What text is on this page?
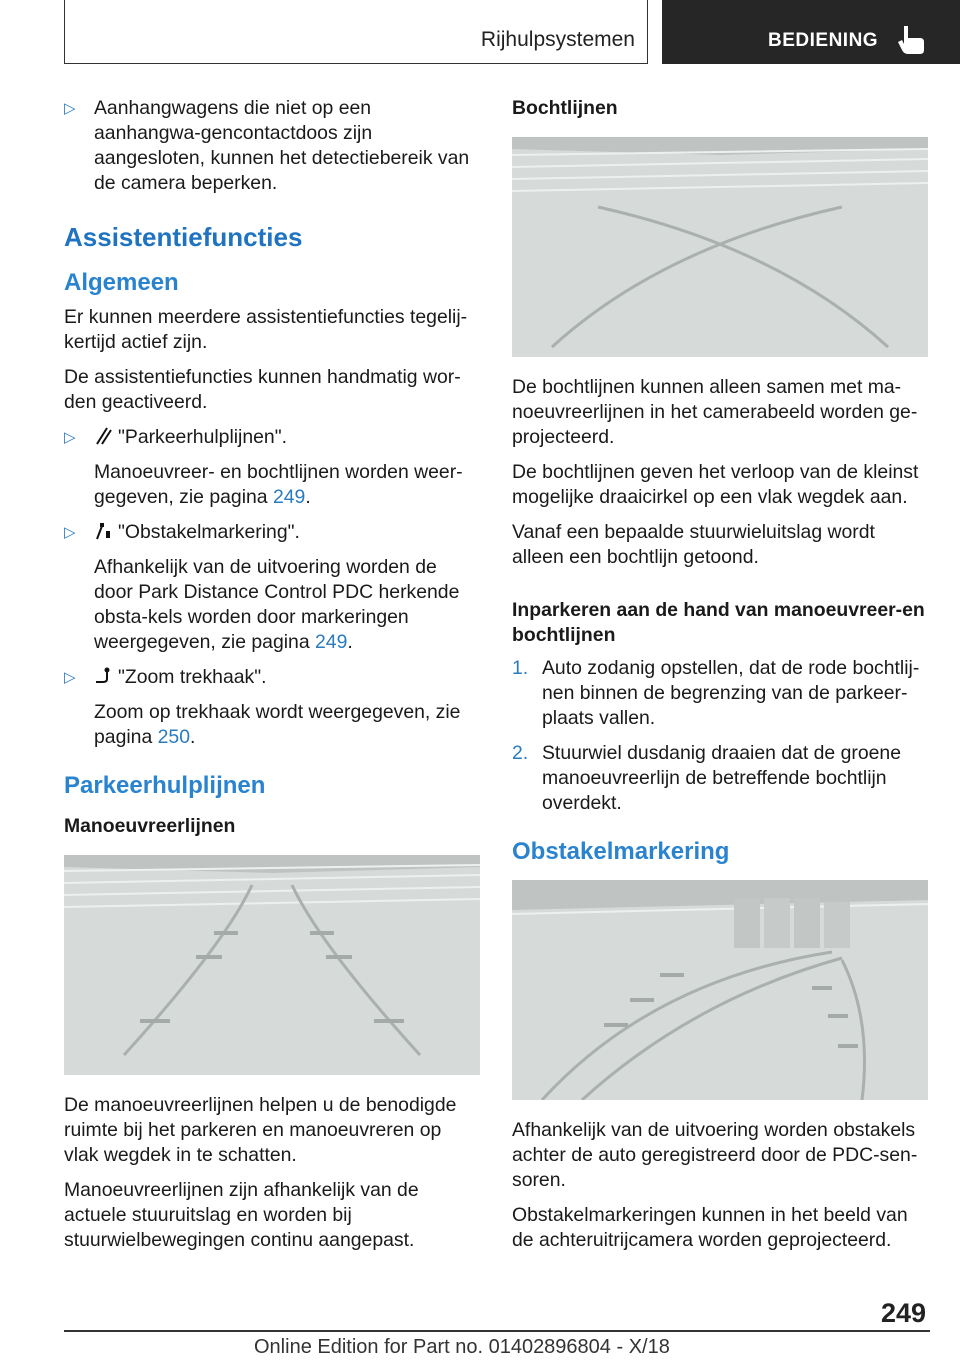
Rijhulpsystemen	BEDIENING
▷ Aanhangwagens die niet op een aanhangwa-gencontactdoos zijn aangesloten, kunnen het detectiebereik van de camera beperken.
Assistentiefuncties
Algemeen

Er kunnen meerdere assistentiefuncties tegelij-kertijd actief zijn.

De assistentiefuncties kunnen handmatig wor-den geactiveerd.

▷ "Parkeerhulplijnen".
Manoeuvreer- en bochtlijnen worden weer-gegeven, zie pagina 249.
▷ "Obstakelmarkering".
Afhankelijk van de uitvoering worden de door Park Distance Control PDC herkende obsta-kels worden door markeringen weergegeven, zie pagina 249.
▷ "Zoom trekhaak".
Zoom op trekhaak wordt weergegeven, zie pagina 250.
Parkeerhulplijnen
Manoeuvreerlijnen

De manoeuvreerlijnen helpen u de benodigde ruimte bij het parkeren en manoeuvreren op vlak wegdek in te schatten.

Manoeuvreerlijnen zijn afhankelijk van de actuele stuuruitslag en worden bij stuurwielbewegingen continu aangepast.

Bochtlijnen

De bochtlijnen kunnen alleen samen met ma-noeuvreerlijnen in het camerabeeld worden ge-projecteerd.

De bochtlijnen geven het verloop van de kleinst mogelijke draaicirkel op een vlak wegdek aan.

Vanaf een bepaalde stuurwieluitslag wordt alleen een bochtlijn getoond.

Inparkeren aan de hand van manoeuvreer-en bochtlijnen
1. Auto zodanig opstellen, dat de rode bochtlij-nen binnen de begrenzing van de parkeer-plaats vallen.
2. Stuurwiel dusdanig draaien dat de groene manoeuvreerlijn de betreffende bochtlijn overdekt.
Obstakelmarkering

Afhankelijk van de uitvoering worden obstakels achter de auto geregistreerd door de PDC-sen-soren.

Obstakelmarkeringen kunnen in het beeld van de achteruitrijcamera worden geprojecteerd.

249
Online Edition for Part no. 01402896804 - X/18
